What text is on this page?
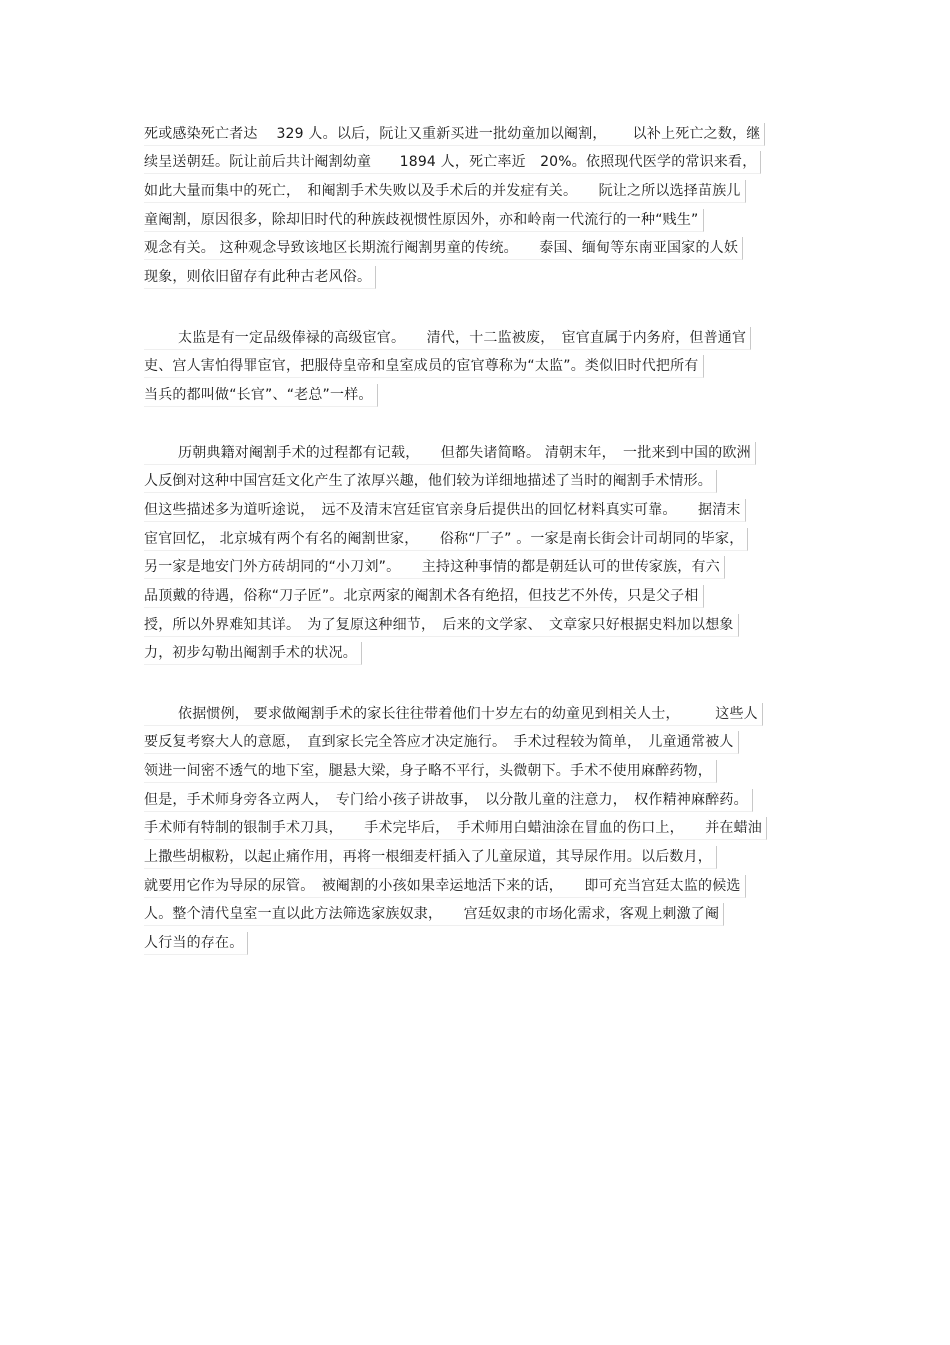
死或感染死亡者达　 329 人。以后，阮让又重新买进一批幼童加以阉割，　　 以补上死亡之数，继
续呈送朝廷。阮让前后共计阉割幼童　　1894 人，死亡率近　20%。依照现代医学的常识来看，
如此大量而集中的死亡，　和阉割手术失败以及手术后的并发症有关。　　阮让之所以选择苗族儿
童阉割，原因很多，除却旧时代的种族歧视惯性原因外，亦和岭南一代流行的一种“贱生”
观念有关。 这种观念导致该地区长期流行阉割男童的传统。　　泰国、缅甸等东南亚国家的人妖
现象，则依旧留存有此种古老风俗。
太监是有一定品级俸禄的高级宦官。　　清代，十二监被废，　宦官直属于内务府，但普通官
吏、宫人害怕得罪宦官，把服侍皇帝和皇室成员的宦官尊称为“太监”。类似旧时代把所有
当兵的都叫做“长官”、“老总”一样。
历朝典籍对阉割手术的过程都有记载，　　但都失诸简略。 清朝末年，　一批来到中国的欧洲
人反倒对这种中国宫廷文化产生了浓厚兴趣，他们较为详细地描述了当时的阉割手术情形。
但这些描述多为道听途说，　远不及清末宫廷宦官亲身后提供出的回忆材料真实可靠。　　据清末
宦官回忆， 北京城有两个有名的阉割世家，　　俗称“厂子” 。一家是南长街会计司胡同的毕家，
另一家是地安门外方砖胡同的“小刀刘”。　　主持这种事情的都是朝廷认可的世传家族，有六
品顶戴的待遇，俗称“刀子匠”。北京两家的阉割术各有绝招，但技艺不外传，只是父子相
授，所以外界难知其详。　为了复原这种细节，　后来的文学家、　文章家只好根据史料加以想象
力，初步勾勒出阉割手术的状况。
依据惯例， 要求做阉割手术的家长往往带着他们十岁左右的幼童见到相关人士，　　　这些人
要反复考察大人的意愿，　直到家长完全答应才决定施行。　手术过程较为简单，　儿童通常被人
领进一间密不透气的地下室，腿悬大梁，身子略不平行，头微朝下。手术不使用麻醉药物，
但是，手术师身旁各立两人，　专门给小孩子讲故事，　以分散儿童的注意力，　权作精神麻醉药。
手术师有特制的银制手术刀具，　　手术完毕后，　手术师用白蜡油涂在冒血的伤口上，　　并在蜡油
上撒些胡椒粉，以起止痛作用，再将一根细麦杆插入了儿童尿道，其导尿作用。以后数月，
就要用它作为导尿的尿管。　被阉割的小孩如果幸运地活下来的话，　　即可充当宫廷太监的候选
人。整个清代皇室一直以此方法筛选家族奴隶，　　宫廷奴隶的市场化需求，客观上刺激了阉
人行当的存在。
